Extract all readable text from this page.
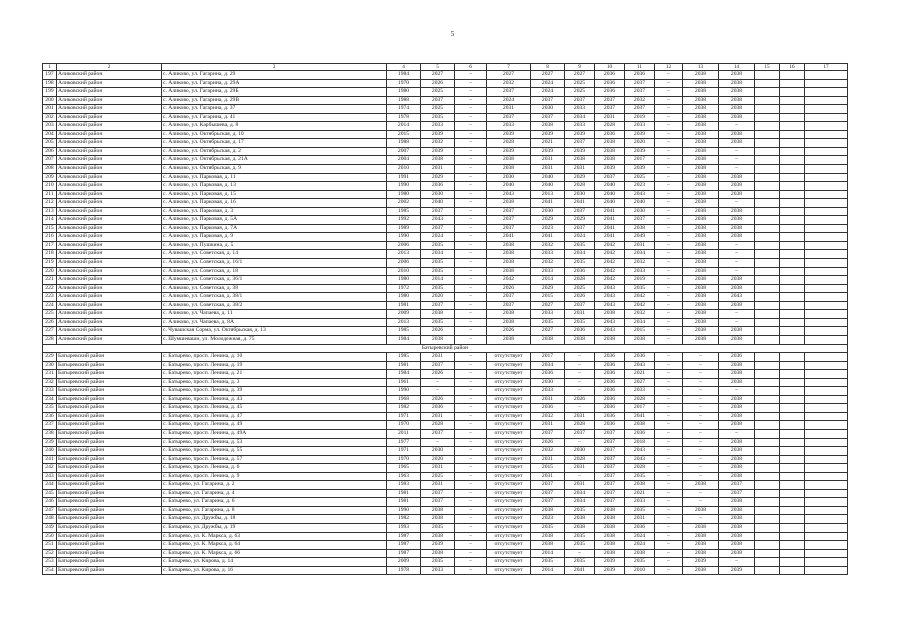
5
1	2	3	4	5	6	7	8	9	10	11	12	13	14	15	16	17
197	Аликовский район	с. Аликово, ул. Гагарина, д. 29	1984	2027	–	2027	2027	2027	2036	2036	–	2038	2038			
198	Аликовский район	с. Аликово, ул. Гагарина, д. 29А	1970	2026	–	2032	2024	2025	2036	2037	–	2038	2038			
199	Аликовский район	с. Аликово, ул. Гагарина, д. 29Б	1980	2025	–	2037	2024	2025	2036	2037	–	2038	2038			
200	Аликовский район	с. Аликово, ул. Гагарина, д. 29В	1988	2037	–	2024	2037	2037	2037	2032	–	2038	2038			
201	Аликовский район	с. Аликово, ул. Гагарина, д. 37	1974	2025	–	2031	2030	2033	2037	2037	–	2038	2038			
202	Аликовский район	с. Аликово, ул. Гагарина, д. 41	1978	2035	–	2037	2037	2034	2031	2019	–	2038	2038			
203	Аликовский район	с. Аликово, ул. Карбышева, д. 8	2014	2033	–	2033	2038	2033	2028	2033	–	2038	–			
204	Аликовский район	с. Аликово, ул. Октябрьская, д. 10	2015	2039	–	2039	2039	2039	2036	2039	–	2038	2038			
205	Аликовский район	с. Аликово, ул. Октябрьская, д. 17	1988	2032	–	2028	2021	2037	2038	2020	–	2038	2038			
206	Аликовский район	с. Аликово, ул. Октябрьская, д. 2	2007	2039	–	2039	2039	2039	2038	2039	–	2038	–			
207	Аликовский район	с. Аликово, ул. Октябрьская, д. 21А	2004	2038	–	2038	2031	2038	2038	2017	–	2038	–			
208	Аликовский район	с. Аликово, ул. Октябрьская, д. 9	2010	2031	–	2038	2031	2031	2039	2039	–	2038	–			
209	Аликовский район	с. Аликово, ул. Парковая, д. 11	1991	2029	–	2030	2040	2029	2037	2025	–	2038	2038			
210	Аликовский район	с. Аликово, ул. Парковая, д. 13	1990	2036	–	2040	2040	2028	2040	2023	–	2038	2038			
211	Аликовский район	с. Аликово, ул. Парковая, д. 15	1980	2030	–	2043	2013	2030	2040	2043	–	2038	2038			
212	Аликовский район	с. Аликово, ул. Парковая, д. 16	2002	2040	–	2038	2041	2041	2040	2040	–	2038	–			
213	Аликовский район	с. Аликово, ул. Парковая, д. 3	1985	2037	–	2037	2030	2037	2041	2030	–	2038	2038			
214	Аликовский район	с. Аликово, ул. Парковая, д. 5А	1992	2043	–	2037	2029	2029	2041	2037	–	2038	2038			
215	Аликовский район	с. Аликово, ул. Парковая, д. 7А	1989	2037	–	2037	2023	2037	2041	2038	–	2038	2038			
216	Аликовский район	с. Аликово, ул. Парковая, д. 9	1990	2024	–	2041	2041	2024	2041	2049	–	2038	2038			
217	Аликовский район	с. Аликово, ул. Пушкина, д. 5	2006	2035	–	2038	2032	2035	2042	2031	–	2038	–			
218	Аликовский район	с. Аликово, ул. Советская, д. 14	2013	2034	–	2038	2033	2034	2042	2034	–	2038	–			
219	Аликовский район	с. Аликово, ул. Советская, д. 16/1	2006	2035	–	2038	2032	2035	2042	2032	–	2038	–			
220	Аликовский район	с. Аликово, ул. Советская, д. 18	2010	2035	–	2038	2033	2036	2042	2033	–	2038	–			
221	Аликовский район	с. Аликово, ул. Советская, д. 36/1	1980	2014	–	2042	2014	2028	2042	2019	–	2038	2038			
222	Аликовский район	с. Аликово, ул. Советская, д. 38	1972	2035	–	2026	2029	2025	2043	2035	–	2038	2038			
223	Аликовский район	с. Аликово, ул. Советская, д. 38/1	1980	2020	–	2037	2015	2026	2043	2042	–	2038	2043			
224	Аликовский район	с. Аликово, ул. Советская, д. 38/2	1981	2037	–	2037	2027	2037	2043	2042	–	2038	2038			
225	Аликовский район	с. Аликово, ул. Чапаева, д. 11	2009	2038	–	2038	2033	2031	2038	2032	–	2038	–			
226	Аликовский район	с. Аликово, ул. Чапаева, д. 8А	2013	2035	–	2038	2035	2035	2043	2034	–	2038	–			
227	Аликовский район	с. Чувашская Сорма, ул. Октябрьская, д. 13	1985	2026	–	2026	2027	2036	2043	2015	–	2038	2038			
228	Аликовский район	с. Шумшеваши, ул. Молодежная, д. 75	1984	2038	–	2038	2038	2038	2038	2038	–	2038	2038			
Батыревский район																
229	Батыревский район	с. Батырево, просп. Ленина, д. 10	1985	2031	–	отсутствует	2017	–	2036	2036	–	–	2036			
230	Батыревский район	с. Батырево, просп. Ленина, д. 19	1981	2037	–	отсутствует	2034	–	2036	2043	–	–	2038			
231	Батыревский район	с. Батырево, просп. Ленина, д. 21	1984	2026	–	отсутствует	2036	–	2036	2021	–	–	2038			
232	Батыревский район	с. Батырево, просп. Ленина, д. 3	1961	–	–	отсутствует	2030	–	2036	2027	–	–	2038			
233	Батыревский район	с. Батырево, просп. Ленина, д. 39	1990	–	–	отсутствует	2033	–	2036	2033	–	–	–			
234	Батыревский район	с. Батырево, просп. Ленина, д. 43	1968	2026	–	отсутствует	2031	2026	2036	2028	–	–	2038			
235	Батыревский район	с. Батырево, просп. Ленина, д. 45	1982	2036	–	отсутствует	2036	–	2036	2017	–	–	2038			
236	Батыревский район	с. Батырево, просп. Ленина, д. 47	1971	2031	–	отсутствует	2032	2031	2036	2041	–	–	2038			
237	Батыревский район	с. Батырево, просп. Ленина, д. 49	1970	2028	–	отсутствует	2031	2028	2036	2038	–	–	2038			
238	Батыревский район	с. Батырево, просп. Ленина, д. 49А	2011	2037	–	отсутствует	2037	2037	2037	2036	–	–	–			
239	Батыревский район	с. Батырево, просп. Ленина, д. 53	1977	–	–	отсутствует	2026	–	2037	2018	–	–	2038			
240	Батыревский район	с. Батырево, просп. Ленина, д. 55	1971	2030	–	отсутствует	2032	2030	2037	2043	–	–	2038			
241	Батыревский район	с. Батырево, просп. Ленина, д. 57	1970	2020	–	отсутствует	2031	2028	2037	2043	–	–	2038			
242	Батыревский район	с. Батырево, просп. Ленина, д. 6	1965	2031	–	отсутствует	2015	2031	2037	2028	–	–	2038			
243	Батыревский район	с. Батырево, просп. Ленина, д. 9	1963	2025	–	отсутствует	2031	–	2037	2035	–	–	2038			
244	Батыревский район	с. Батырево, ул. Гагарина, д. 2	1983	2031	–	отсутствует	2037	2031	2037	2038	–	2038	2037			
245	Батыревский район	с. Батырево, ул. Гагарина, д. 4	1981	2037	–	отсутствует	2037	2034	2037	2021	–	–	2037			
246	Батыревский район	с. Батырево, ул. Гагарина, д. 6	1981	2037	–	отсутствует	2037	2034	2037	2033	–	–	2038			
247	Батыревский район	с. Батырево, ул. Гагарина, д. 8	1990	2038	–	отсутствует	2038	2035	2038	2035	–	2038	2038			
248	Батыревский район	с. Батырево, ул. Дружбы, д. 18	1982	2038	–	отсутствует	2023	2038	2038	2031	–	–	2038			
249	Батыревский район	с. Батырево, ул. Дружбы, д. 19	1993	2035	–	отсутствует	2035	2038	2038	2036	–	2038	2038			
250	Батыревский район	с. Батырево, ул. К. Маркса, д. 63	1987	2038	–	отсутствует	2038	2035	2038	2024	–	2038	2038			
251	Батыревский район	с. Батырево, ул. К. Маркса, д. 64	1987	2039	–	отсутствует	2038	2035	2038	2024	–	2038	2038			
252	Батыревский район	с. Батырево, ул. К. Маркса, д. 66	1987	2038	–	отсутствует	2014	–	2038	2038	–	2038	2038			
253	Батыревский район	с. Батырево, ул. Кирова, д. 14	2009	2035	–	отсутствует	2035	2035	2039	2035	–	2039	–			
254	Батыревский район	с. Батырево, ул. Кирова, д. 16	1978	2033	–	отсутствует	2014	2041	2039	2010	–	2038	2039			
